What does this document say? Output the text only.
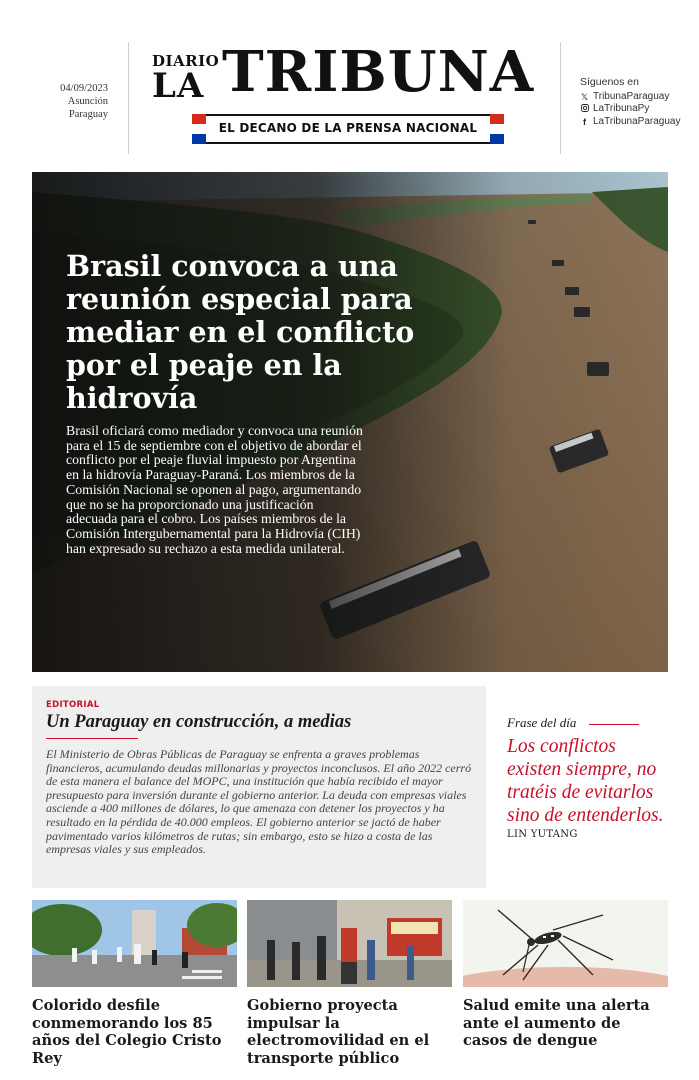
04/09/2023
Asunción
Paraguay
DIARIO
LA TRIBUNA
EL DECANO DE LA PRENSA NACIONAL
Síguenos en
𝕏 TribunaParaguay
LaTribunaPy
f LaTribunaParaguay
Brasil convoca a una reunión especial para mediar en el conflicto por el peaje en la hidrovía

Brasil oficiará como mediador y convoca una reunión para el 15 de septiembre con el objetivo de abordar el conflicto por el peaje fluvial impuesto por Argentina en la hidrovía Paraguay-Paraná. Los miembros de la Comisión Nacional se oponen al pago, argumentando que no se ha proporcionado una justificación adecuada para el cobro. Los países miembros de la Comisión Intergubernamental para la Hidrovía (CIH) han expresado su rechazo a esta medida unilateral.

EDITORIAL
Un Paraguay en construcción, a medias

El Ministerio de Obras Públicas de Paraguay se enfrenta a graves problemas financieros, acumulando deudas millonarias y proyectos inconclusos. El año 2022 cerró de esta manera el balance del MOPC, una institución que había recibido el mayor presupuesto para inversión durante el gobierno anterior. La deuda con empresas viales asciende a 400 millones de dólares, lo que amenaza con detener los proyectos y ha resultado en la pérdida de 40.000 empleos. El gobierno anterior se jactó de haber pavimentado varios kilómetros de rutas; sin embargo, esto se hizo a costa de las empresas viales y sus empleados.

Frase del día

Los conflictos existen siempre, no tratéis de evitarlos sino de entenderlos.

LIN YUTANG
Colorido desfile conmemorando los 85 años del Colegio Cristo Rey
Gobierno proyecta impulsar la electromovilidad en el transporte público
Salud emite una alerta ante el aumento de casos de dengue
